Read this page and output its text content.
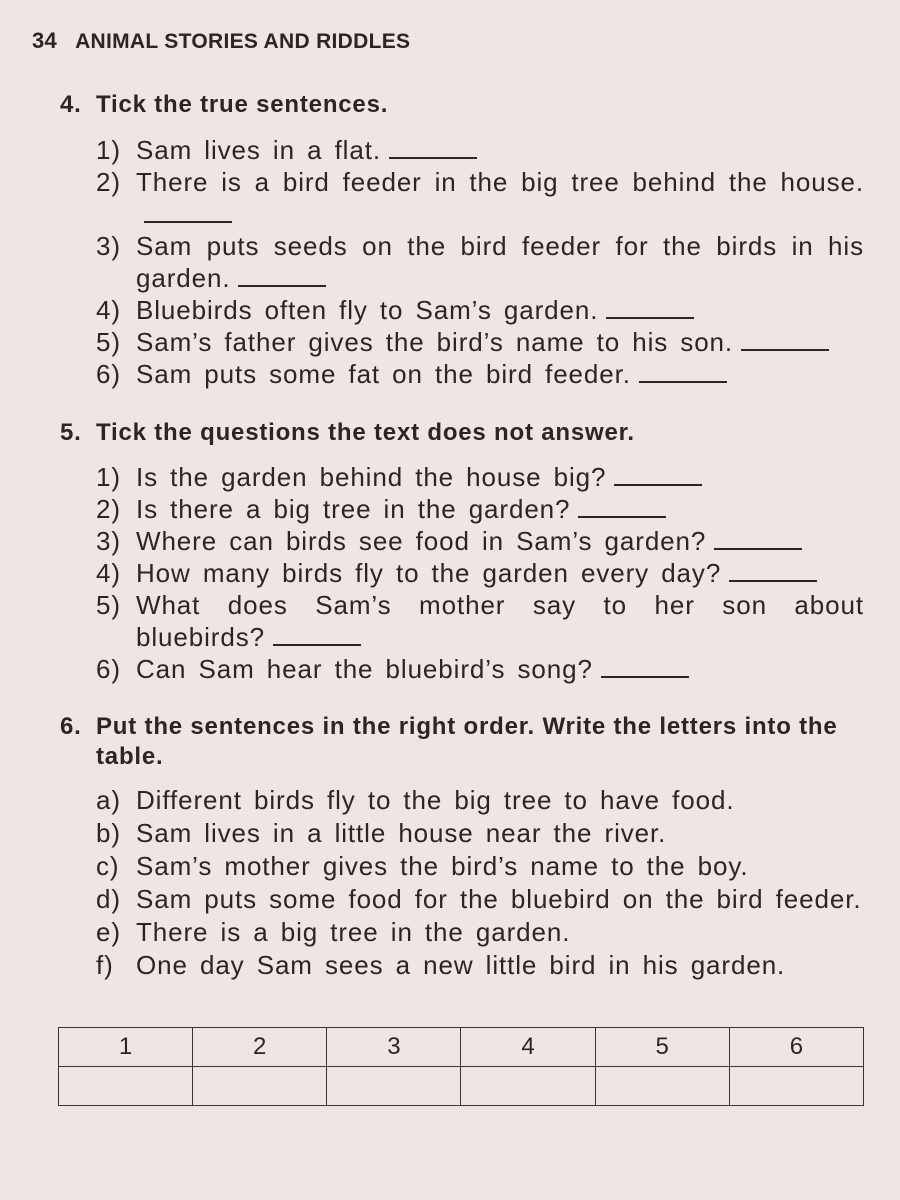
34 ANIMAL STORIES AND RIDDLES
4. Tick the true sentences.
1) Sam lives in a flat.
2) There is a bird feeder in the big tree behind the house.
3) Sam puts seeds on the bird feeder for the birds in his garden.
4) Bluebirds often fly to Sam’s garden.
5) Sam’s father gives the bird’s name to his son.
6) Sam puts some fat on the bird feeder.
5. Tick the questions the text does not answer.
1) Is the garden behind the house big?
2) Is there a big tree in the garden?
3) Where can birds see food in Sam’s garden?
4) How many birds fly to the garden every day?
5) What does Sam’s mother say to her son about bluebirds?
6) Can Sam hear the bluebird’s song?
6. Put the sentences in the right order. Write the letters into the table.
a) Different birds fly to the big tree to have food.
b) Sam lives in a little house near the river.
c) Sam’s mother gives the bird’s name to the boy.
d) Sam puts some food for the bluebird on the bird feeder.
e) There is a big tree in the garden.
f) One day Sam sees a new little bird in his garden.
1	2	3	4	5	6
